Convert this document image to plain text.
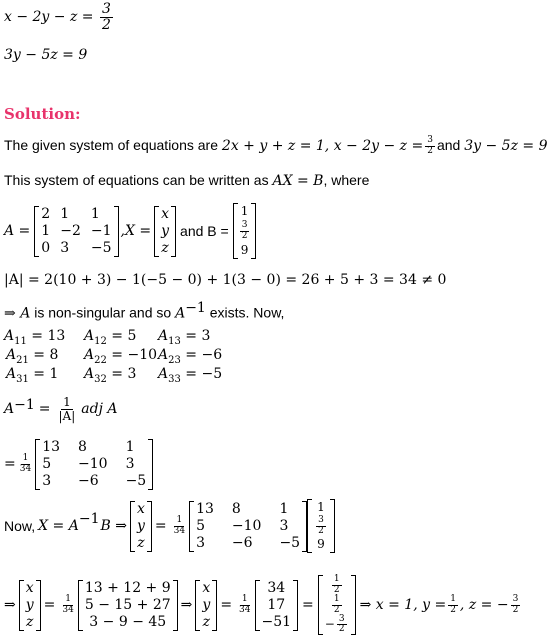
$x - 2y - z = \frac{3}{2}$
3y − 5z = 9
Solution:
The given system of equations are 2x + y + z = 1, $x - 2y - z = \frac{3}{2}$ and 3y − 5z = 9
This system of equations can be written as AX = B, where
A =
2 1	1
1 −2 −1
0 3	−5
,X =
x
y
z
and B =
1
$\frac{3}{2}$
9
|A| = 2(10 + 3) − 1(−5 − 0) + 1(3 − 0) = 26 + 5 + 3 = 34 ≠ 0
⇒ A is non-singular and so $A^{-1}$ exists. Now,
$A_{11} = 13$ $A_{12} = 5$ $A_{13} = 3$
$A_{21} = 8$ $A_{22} = -10$ $A_{23} = -6$
$A_{31} = 1$ $A_{32} = 3$ $A_{33} = -5$
$A -1 = \frac{1}{|A|}$ adj A
= $\frac{1}{34}$
13 8	1
5	−10 3
3	−6	−5
Now, X = A −1 B ⇒
x
y
z
= $\frac{1}{34}$
13 8	1
5	−10 3
3	−6	−5
1
$\frac{3}{2}$
9
⇒
x
y
z
= $\frac{1}{34}$
13 + 12 + 9
5 − 15 + 27
3 − 9 − 45
⇒
x
y
z
= $\frac{1}{34}$
34
17
−51
=
$\frac{1}{2}$
$\frac{1}{2}$
− $\frac{3}{2}$
⇒ x = 1, $y = \frac{1}{2}$ , z = − $\frac{3}{2}$
